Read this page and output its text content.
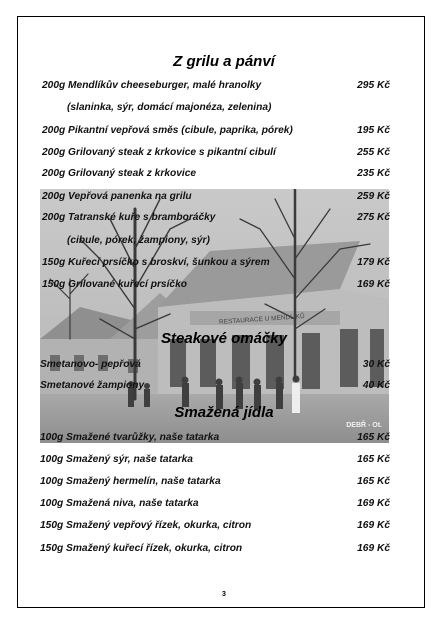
RESTAURACE U MENDLÍKŮ
DEBŘ - Ot.
Z grilu a pánví
Steakové omáčky
Smažená jídla
200g Mendlíkův cheeseburger, malé hranolky	295 Kč
(slaninka, sýr, domácí majonéza, zelenina)
200g Pikantní vepřová směs (cibule, paprika, pórek)	195 Kč
200g Grilovaný steak z krkovice s pikantní cibulí	255 Kč
200g Grilovaný steak z krkovice	235 Kč
200g Vepřová panenka na grilu	259 Kč
200g Tatranské kuře s bramboráčky	275 Kč
(cibule, pórek, žampiony, sýr)
150g Kuřecí prsíčko s broskví, šunkou a sýrem	179 Kč
150g Grilované kuřecí prsíčko	169 Kč
Smetanovo- pepřová	30 Kč
Smetanové žampiony	40 Kč
100g Smažené tvarůžky, naše tatarka	165 Kč
100g Smažený sýr, naše tatarka	165 Kč
100g Smažený hermelín, naše tatarka	165 Kč
100g Smažená niva, naše tatarka	169 Kč
150g Smažený vepřový řízek, okurka, citron	169 Kč
150g Smažený kuřecí řízek, okurka, citron	169 Kč
3
